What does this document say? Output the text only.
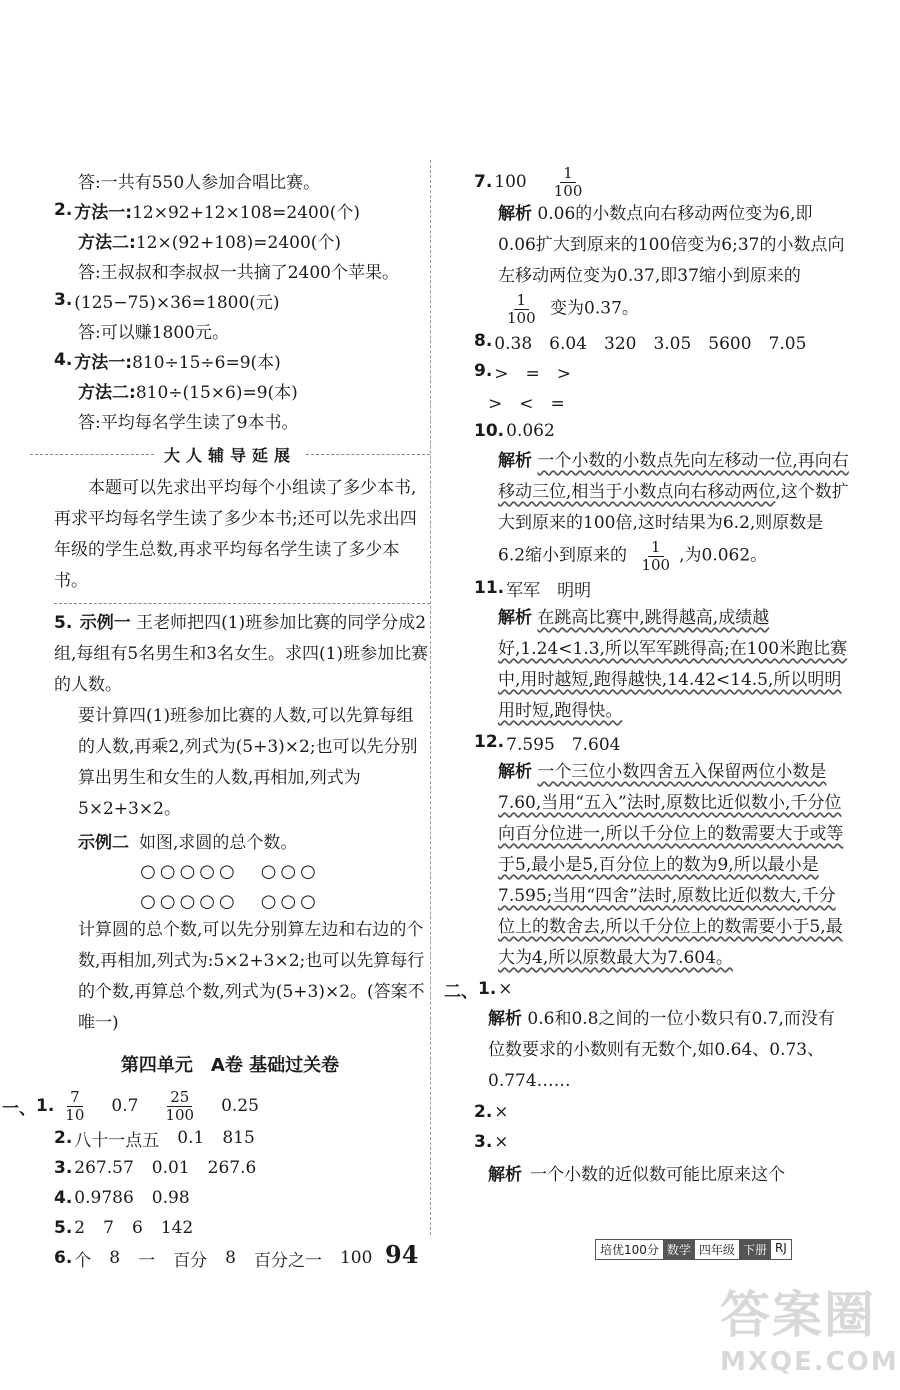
答:一共有550人参加合唱比赛。
2. 方法一: 12×92+12×108=2400(个)
方法二: 12×(92+108)=2400(个)
答:王叔叔和李叔叔一共摘了2400个苹果。
3. (125−75)×36=1800(元)
答:可以赚1800元。
4. 方法一: 810÷15÷6=9(本)
方法二: 810÷(15×6)=9(本)
答:平均每名学生读了9本书。
大人辅导延展
本题可以先求出平均每个小组读了多少本书,再求平均每名学生读了多少本书;还可以先求出四年级的学生总数,再求平均每名学生读了多少本书。
5. 示例一 王老师把四(1)班参加比赛的同学分成2组,每组有5名男生和3名女生。求四(1)班参加比赛的人数。
要计算四(1)班参加比赛的人数,可以先算每组的人数,再乘2,列式为(5+3)×2;也可以先分别算出男生和女生的人数,再相加,列式为5×2+3×2。
示例二 如图,求圆的总个数。
○○○○○　○○○
○○○○○　○○○
计算圆的总个数,可以先分别算左边和右边的个数,再相加,列式为:5×2+3×2;也可以先算每行的个数,再算总个数,列式为(5+3)×2。(答案不唯一)
第四单元　A卷 基础过关卷
一、 1. $\frac{7}{10} 0.7 \frac{25}{100} 0.25$
2. 八十一点五 0.1 815
3. 267.57 0.01 267.6
4. 0.9786 0.98
5. 2 7 6 142
6. 个 8 一 百分 8 百分之一 100
7. $100 \frac{1}{100}$
解析 0.06的小数点向右移动两位变为6,即0.06扩大到原来的100倍变为6;37的小数点向左移动两位变为0.37,即37缩小到原来的
$\frac{1}{100}$ 变为0.37。
8. 0.38　6.04　320　3.05　5600　7.05
9. >　=　>
>　<　=
10. 0.062
解析 一个小数的小数点先向左移动一位,再向右移动三位,相当于小数点向右移动两位,这个数扩大到原来的100倍,这时结果为6.2,则原数是6.2缩小到原来的 $\frac{1}{100}$ ,为0.062。
11. 军军　明明
解析 在跳高比赛中,跳得越高,成绩越好,1.24<1.3,所以军军跳得高;在100米跑比赛中,用时越短,跑得越快,14.42<14.5,所以明明用时短,跑得快。
12. 7.595　7.604
解析 一个三位小数四舍五入保留两位小数是7.60,当用“五入”法时,原数比近似数小,千分位向百分位进一,所以千分位上的数需要大于或等于5,最小是5,百分位上的数为9,所以最小是7.595;当用“四舍”法时,原数比近似数大,千分位上的数舍去,所以千分位上的数需要小于5,最大为4,所以原数最大为7.604。
二、 1. ×
解析 0.6和0.8之间的一位小数只有0.7,而没有位数要求的小数则有无数个,如0.64、0.73、0.774……
2. ×
3. ×
解析 一个小数的近似数可能比原来这个
94	培优100分 数学 四年级 下册 RJ
答案圈
MXQE.COM
